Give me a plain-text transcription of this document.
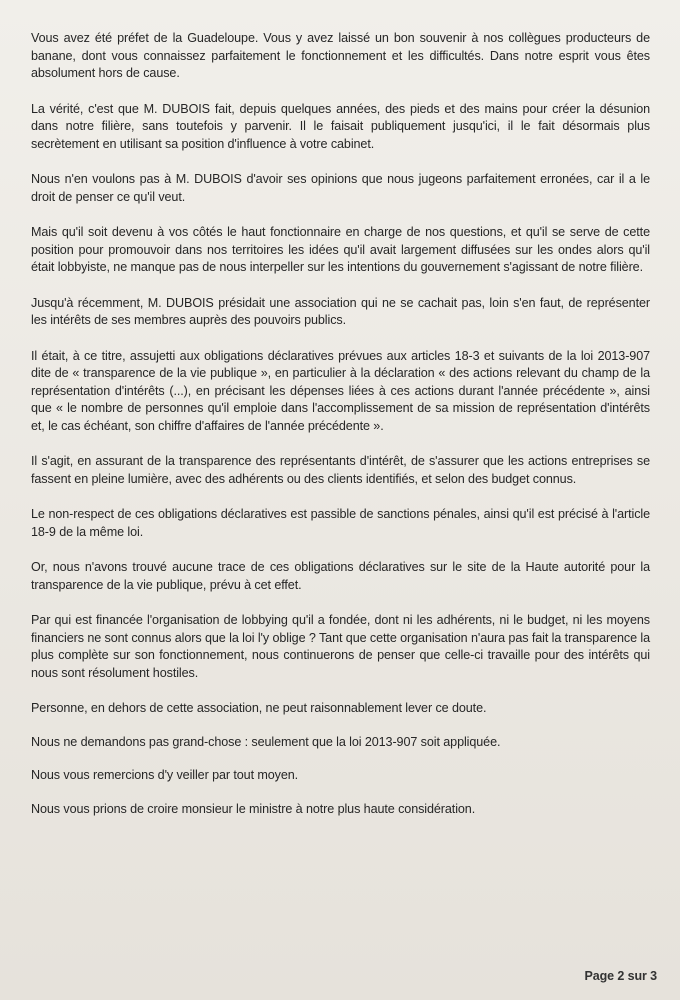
Vous avez été préfet de la Guadeloupe. Vous y avez laissé un bon souvenir à nos collègues producteurs de banane, dont vous connaissez parfaitement le fonctionnement et les difficultés. Dans notre esprit vous êtes absolument hors de cause.

La vérité, c'est que M. DUBOIS fait, depuis quelques années, des pieds et des mains pour créer la désunion dans notre filière, sans toutefois y parvenir. Il le faisait publiquement jusqu'ici, il le fait désormais plus secrètement en utilisant sa position d'influence à votre cabinet.

Nous n'en voulons pas à M. DUBOIS d'avoir ses opinions que nous jugeons parfaitement erronées, car il a le droit de penser ce qu'il veut.

Mais qu'il soit devenu à vos côtés le haut fonctionnaire en charge de nos questions, et qu'il se serve de cette position pour promouvoir dans nos territoires les idées qu'il avait largement diffusées sur les ondes alors qu'il était lobbyiste, ne manque pas de nous interpeller sur les intentions du gouvernement s'agissant de notre filière.

Jusqu'à récemment, M. DUBOIS présidait une association qui ne se cachait pas, loin s'en faut, de représenter les intérêts de ses membres auprès des pouvoirs publics.

Il était, à ce titre, assujetti aux obligations déclaratives prévues aux articles 18-3 et suivants de la loi 2013-907 dite de « transparence de la vie publique », en particulier à la déclaration « des actions relevant du champ de la représentation d'intérêts (...), en précisant les dépenses liées à ces actions durant l'année précédente », ainsi que « le nombre de personnes qu'il emploie dans l'accomplissement de sa mission de représentation d'intérêts et, le cas échéant, son chiffre d'affaires de l'année précédente ».

Il s'agit, en assurant de la transparence des représentants d'intérêt, de s'assurer que les actions entreprises se fassent en pleine lumière, avec des adhérents ou des clients identifiés, et selon des budget connus.

Le non-respect de ces obligations déclaratives est passible de sanctions pénales, ainsi qu'il est précisé à l'article 18-9 de la même loi.

Or, nous n'avons trouvé aucune trace de ces obligations déclaratives sur le site de la Haute autorité pour la transparence de la vie publique, prévu à cet effet.

Par qui est financée l'organisation de lobbying qu'il a fondée, dont ni les adhérents, ni le budget, ni les moyens financiers ne sont connus alors que la loi l'y oblige ? Tant que cette organisation n'aura pas fait la transparence la plus complète sur son fonctionnement, nous continuerons de penser que celle-ci travaille pour des intérêts qui nous sont résolument hostiles.

Personne, en dehors de cette association, ne peut raisonnablement lever ce doute.

Nous ne demandons pas grand-chose : seulement que la loi 2013-907 soit appliquée.

Nous vous remercions d'y veiller par tout moyen.

Nous vous prions de croire monsieur le ministre à notre plus haute considération.

Page 2 sur 3
